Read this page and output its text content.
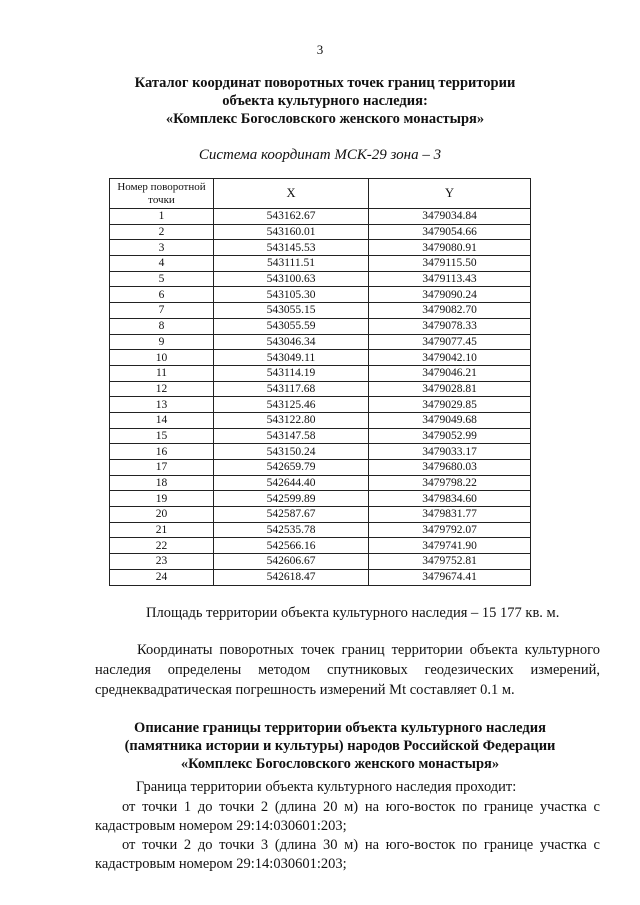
3
Каталог координат поворотных точек границ территории
объекта культурного наследия:
«Комплекс Богословского женского монастыря»
Система координат МСК-29 зона – 3
Номер поворотной точки	X	Y
1	543162.67	3479034.84
2	543160.01	3479054.66
3	543145.53	3479080.91
4	543111.51	3479115.50
5	543100.63	3479113.43
6	543105.30	3479090.24
7	543055.15	3479082.70
8	543055.59	3479078.33
9	543046.34	3479077.45
10	543049.11	3479042.10
11	543114.19	3479046.21
12	543117.68	3479028.81
13	543125.46	3479029.85
14	543122.80	3479049.68
15	543147.58	3479052.99
16	543150.24	3479033.17
17	542659.79	3479680.03
18	542644.40	3479798.22
19	542599.89	3479834.60
20	542587.67	3479831.77
21	542535.78	3479792.07
22	542566.16	3479741.90
23	542606.67	3479752.81
24	542618.47	3479674.41
Площадь территории объекта культурного наследия – 15 177 кв. м.
Координаты поворотных точек границ территории объекта культурного наследия определены методом спутниковых геодезических измерений, среднеквадратическая погрешность измерений Mt составляет 0.1 м.
Описание границы территории объекта культурного наследия
(памятника истории и культуры) народов Российской Федерации
«Комплекс Богословского женского монастыря»
Граница территории объекта культурного наследия проходит:
от точки 1 до точки 2 (длина 20 м) на юго-восток по границе участка с кадастровым номером 29:14:030601:203;
от точки 2 до точки 3 (длина 30 м) на юго-восток по границе участка с кадастровым номером 29:14:030601:203;
